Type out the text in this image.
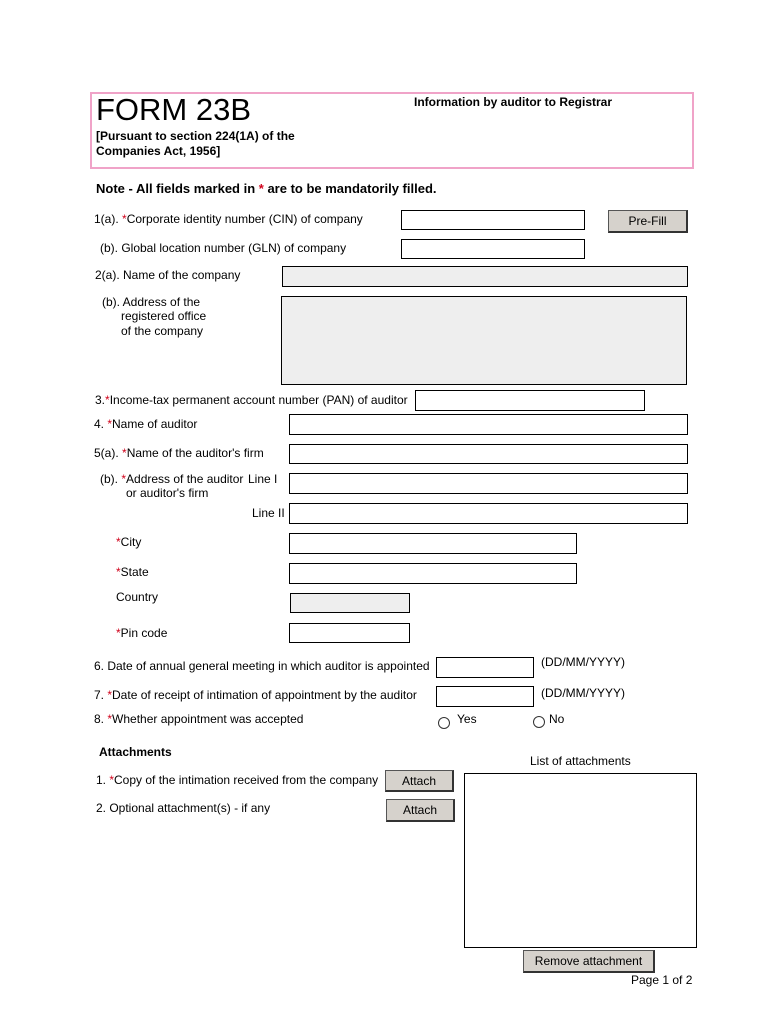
FORM 23B
[Pursuant to section 224(1A) of the
Companies Act, 1956]
Information by auditor to Registrar
Note - All fields marked in * are to be mandatorily filled.
1(a). *Corporate identity number (CIN) of company	Pre-Fill
(b). Global location number (GLN) of company
2(a). Name of the company
(b). Address of the
registered office
of the company
3.*Income-tax permanent account number (PAN) of auditor
4. *Name of auditor
5(a). *Name of the auditor's firm
(b). *Address of the auditor Line I
or auditor's firm
Line II
*City
*State
Country
*Pin code
6. Date of annual general meeting in which auditor is appointed	(DD/MM/YYYY)
7. *Date of receipt of intimation of appointment by the auditor	(DD/MM/YYYY)
8. *Whether appointment was accepted	Yes	No
Attachments
List of attachments
1. *Copy of the intimation received from the company	Attach
2. Optional attachment(s) - if any	Attach
Remove attachment
Page 1 of 2
